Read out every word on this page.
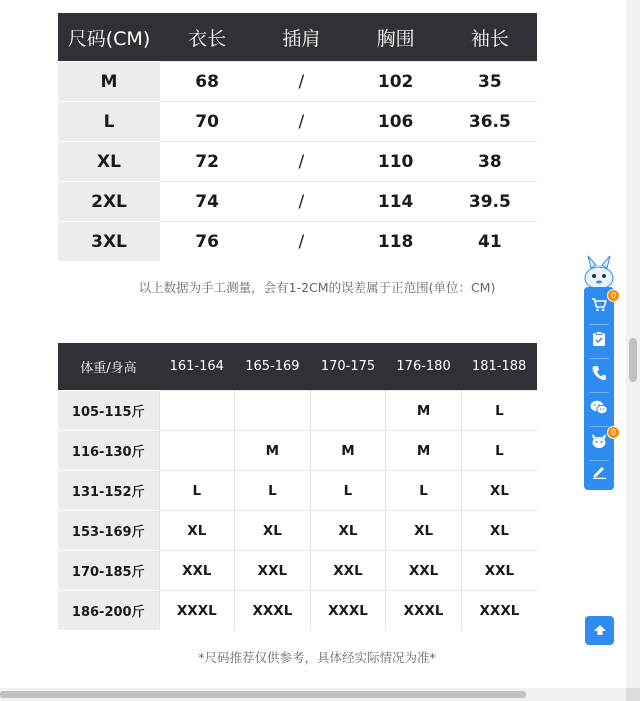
尺码(CM)	衣长	插肩	胸围	袖长
M	68	/	102	35
L	70	/	106	36.5
XL	72	/	110	38
2XL	74	/	114	39.5
3XL	76	/	118	41

以上数据为手工测量，会有1-2CM的误差属于正范围(单位：CM)

体重/身高	161-164	165-169	170-175	176-180	181-188
105-115斤				M	L
116-130斤		M	M	M	L
131-152斤	L	L	L	L	XL
153-169斤	XL	XL	XL	XL	XL
170-185斤	XXL	XXL	XXL	XXL	XXL
186-200斤	XXXL	XXXL	XXXL	XXXL	XXXL

*尺码推荐仅供参考，具体经实际情况为准*

0
0
